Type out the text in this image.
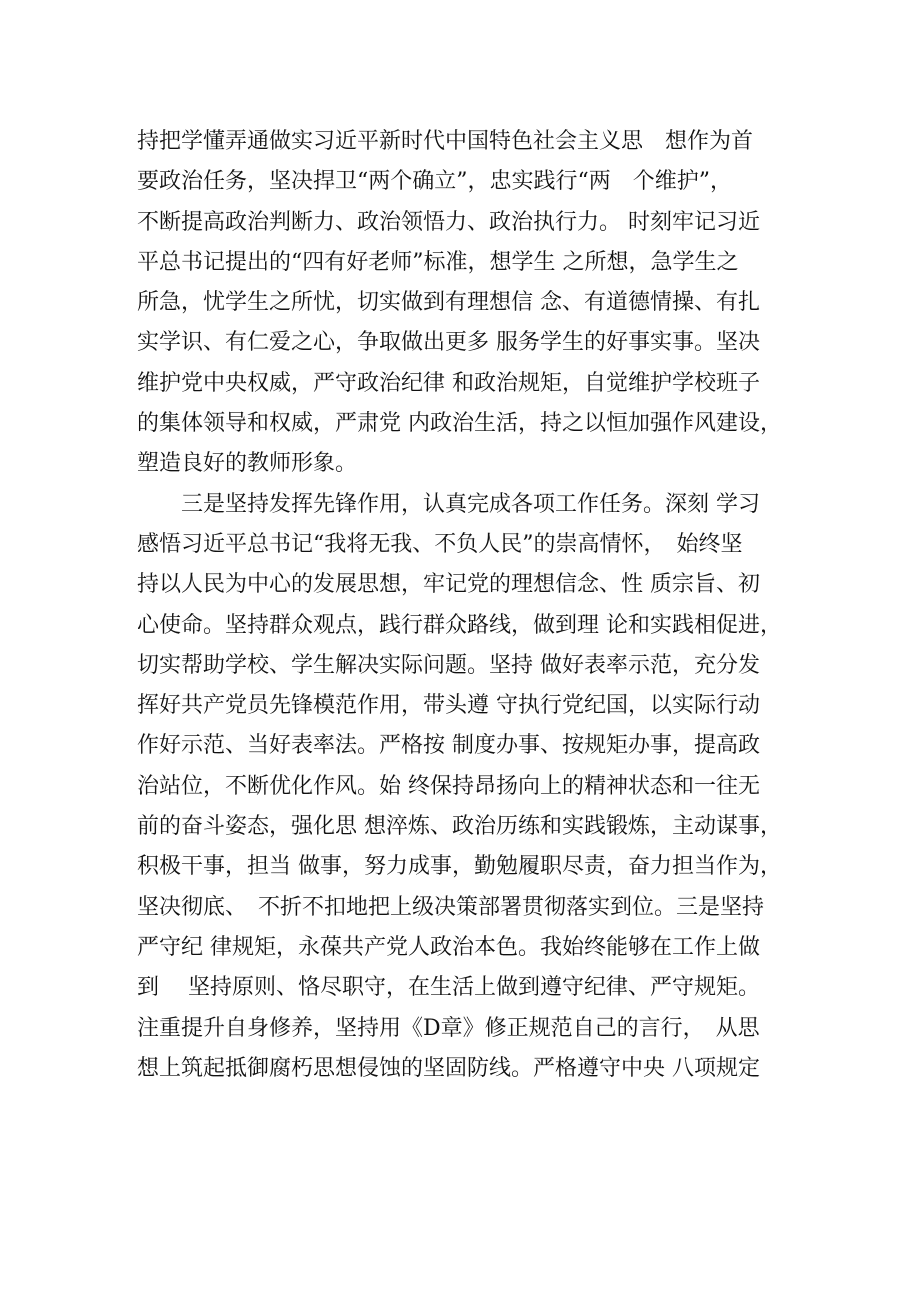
持把学懂弄通做实习近平新时代中国特色社会主义思　想作为首
要政治任务，坚决捍卫“两个确立”，忠实践行“两　个维护”，
不断提高政治判断力、政治领悟力、政治执行力。 时刻牢记习近
平总书记提出的“四有好老师”标准，想学生 之所想，急学生之
所急，忧学生之所忧，切实做到有理想信 念、有道德情操、有扎
实学识、有仁爱之心，争取做出更多 服务学生的好事实事。坚决
维护党中央权威，严守政治纪律 和政治规矩，自觉维护学校班子
的集体领导和权威，严肃党 内政治生活，持之以恒加强作风建设，
塑造良好的教师形象。
三是坚持发挥先锋作用，认真完成各项工作任务。深刻 学习
感悟习近平总书记“我将无我、不负人民”的崇高情怀，　始终坚
持以人民为中心的发展思想，牢记党的理想信念、性 质宗旨、初
心使命。坚持群众观点，践行群众路线，做到理 论和实践相促进，
切实帮助学校、学生解决实际问题。坚持 做好表率示范，充分发
挥好共产党员先锋模范作用，带头遵 守执行党纪国，以实际行动
作好示范、当好表率法。严格按 制度办事、按规矩办事，提高政
治站位，不断优化作风。始 终保持昂扬向上的精神状态和一往无
前的奋斗姿态，强化思 想淬炼、政治历练和实践锻炼，主动谋事，
积极干事，担当 做事，努力成事，勤勉履职尽责，奋力担当作为，
坚决彻底、　不折不扣地把上级决策部署贯彻落实到位。三是坚持
严守纪 律规矩，永葆共产党人政治本色。我始终能够在工作上做
到　 坚持原则、恪尽职守，在生活上做到遵守纪律、严守规矩。
注重提升自身修养，坚持用《D章》修正规范自己的言行，　从思
想上筑起抵御腐朽思想侵蚀的坚固防线。严格遵守中央 八项规定
